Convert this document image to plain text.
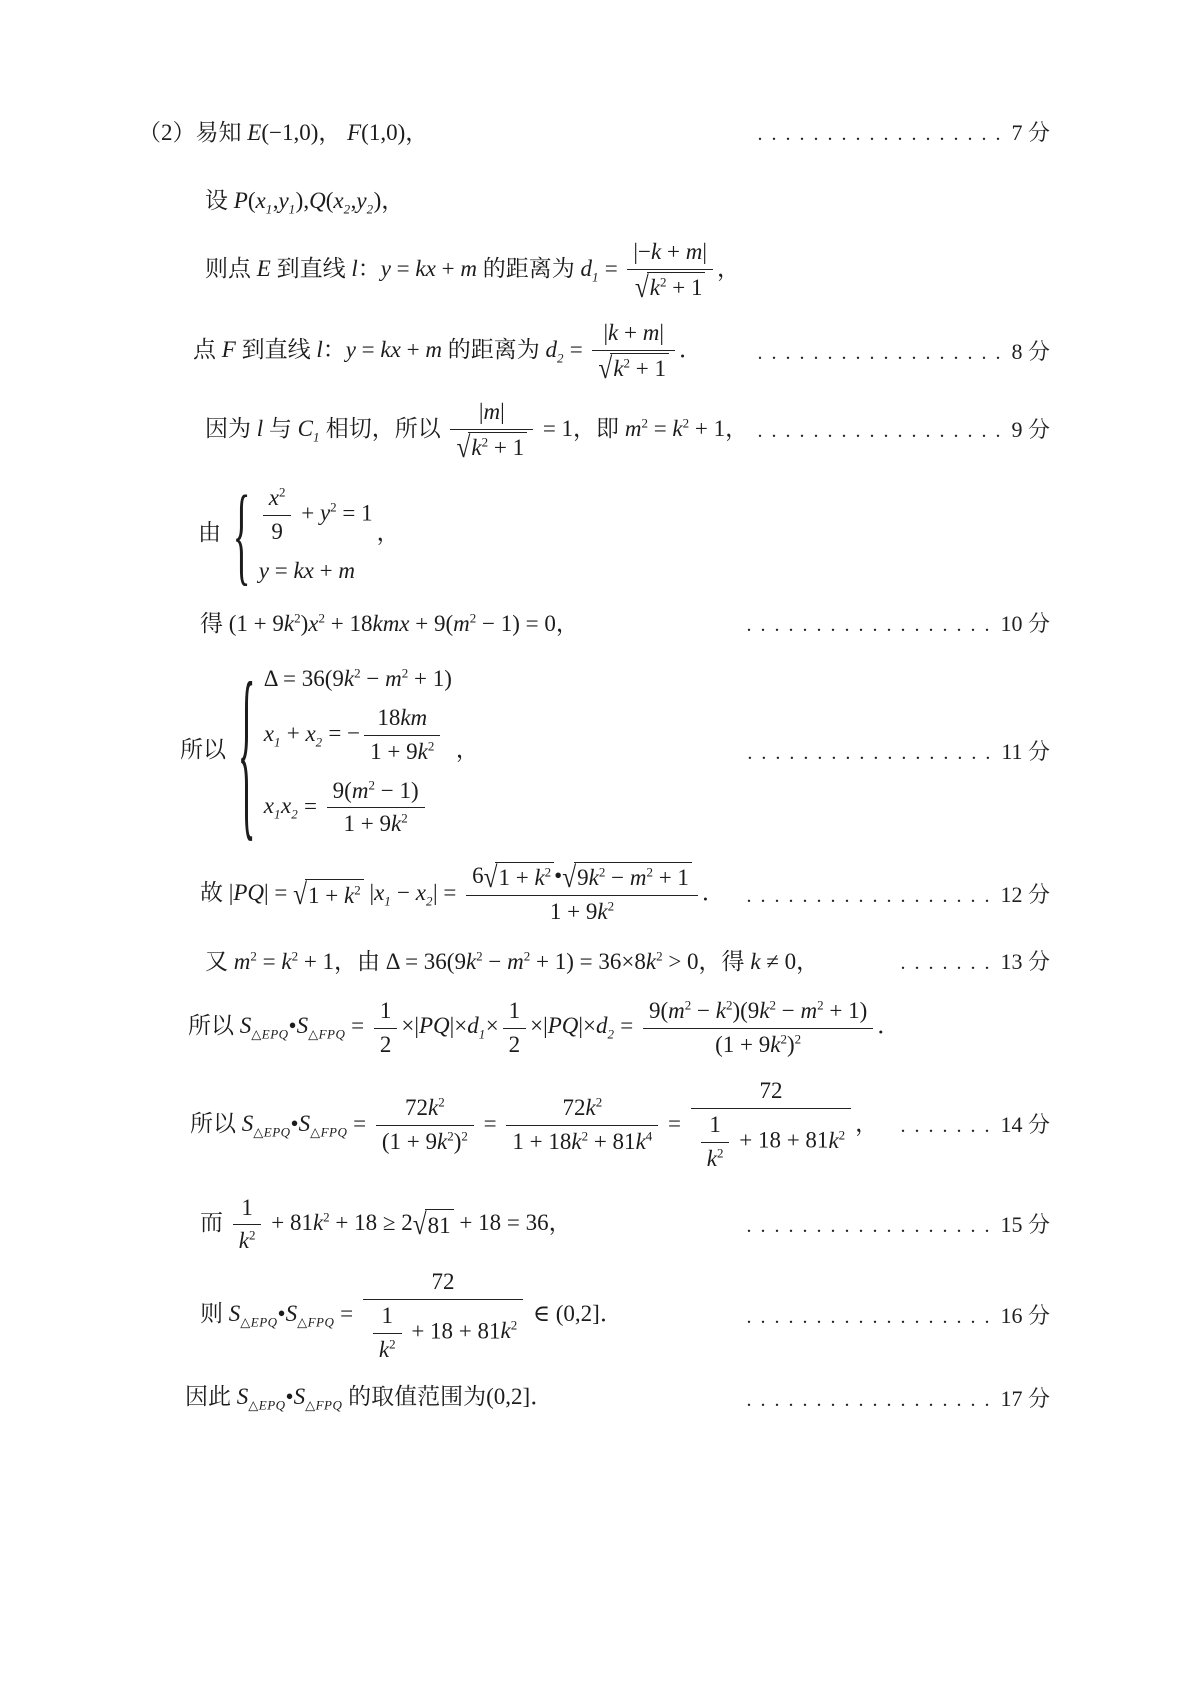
（2）易知 E(−1,0)， F(1,0)，	..................7 分
设 $P(x_1,y_1),Q(x_2,y_2)$，
则点 E 到直线 l：y = kx + m 的距离为 $d_1 = \frac{|-k + m|}{√ k^2 + 1}$ ，
点 F 到直线 l：y = kx + m 的距离为 $d_2 = \frac{|k + m|}{√ k^2 + 1}$ ．	..................8 分
因为 l 与 $C_1$ 相切，所以 $\frac{|m|}{√ k^2 + 1} = 1$，即 $m^2 = k^2 + 1$， ..................9 分
由 { $\frac{x^2}{9} + y^2 = 1$
y = kx + m
，
得 $(1 + 9k^2)x^2 + 18kmx + 9(m^2 - 1) = 0$，	..................10 分
所以 { $\Delta = 36(9k^2 - m^2 + 1)$
$x_1 + x_2$ = − $\frac{18km}{1 + 9k^2}$
$x_1x_2 = \frac{9(m^2 - 1)}{1 + 9k^2}$
，	..................11 分
故 |PQ| = √ $1 + k^2$ $|x_1 - x_2| = \frac{6 √ 1 + k^2 • √ 9k^2 - m^2 + 1}{1 + 9k^2}$ ． ..................12 分
又 $m^2 = k^2 + 1$，由 $\Delta = 36(9k^2 - m^2 + 1) = 36\times 8k^2 > 0$，得 k ≠ 0，	.......13 分
所以 $S_{\triangle EPQ}•S_{\triangle FPQ} = \frac{1}{2} \times|PQ|\times d_1\times \frac{1}{2} \times|PQ|\times d_2 = \frac{9(m^2 - k^2)(9k^2 - m^2 + 1)}{(1 + 9k^2)^2}$ ．
所以 $S_{\triangle EPQ}•S_{\triangle FPQ} = \frac{72k^2}{(1 + 9k^2)^2} = \frac{72k^2}{1 + 18k^2 + 81k^4} = \frac{72}{\frac{1}{k^2} + 18 + 81k^2}$ ， .......14 分
而 $\frac{1}{k^2} + 81k^2 + 18 \ge 2$ √ 81 + 18 = 36，	..................15 分
则 $S_{\triangle EPQ}•S_{\triangle FPQ} = \frac{72}{\frac{1}{k^2} + 18 + 81k^2}$ ∈ (0,2]．	..................16 分
因此 $S_{\triangle EPQ}•S_{\triangle FPQ}$ 的取值范围为(0,2]．	..................17 分
